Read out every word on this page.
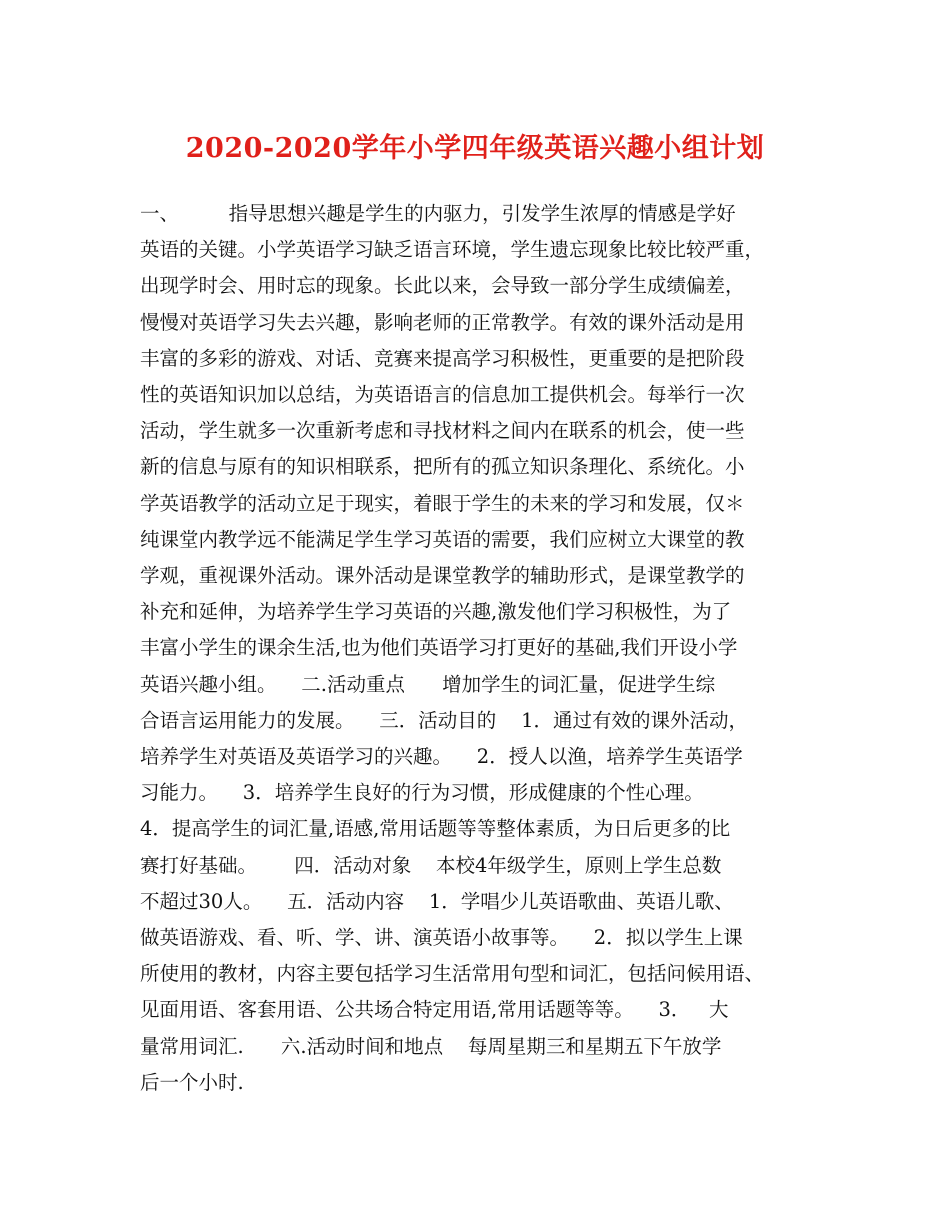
2020-2020学年小学四年级英语兴趣小组计划
一、        指导思想兴趣是学生的内驱力，引发学生浓厚的情感是学好
英语的关键。小学英语学习缺乏语言环境，学生遗忘现象比较比较严重，
出现学时会、用时忘的现象。长此以来，会导致一部分学生成绩偏差，
慢慢对英语学习失去兴趣，影响老师的正常教学。有效的课外活动是用
丰富的多彩的游戏、对话、竞赛来提高学习积极性，更重要的是把阶段
性的英语知识加以总结，为英语语言的信息加工提供机会。每举行一次
活动，学生就多一次重新考虑和寻找材料之间内在联系的机会，使一些
新的信息与原有的知识相联系，把所有的孤立知识条理化、系统化。小
学英语教学的活动立足于现实，着眼于学生的未来的学习和发展，仅＊
纯课堂内教学远不能满足学生学习英语的需要，我们应树立大课堂的教
学观，重视课外活动。课外活动是课堂教学的辅助形式，是课堂教学的
补充和延伸，为培养学生学习英语的兴趣,激发他们学习积极性，为了
丰富小学生的课余生活,也为他们英语学习打更好的基础,我们开设小学
英语兴趣小组。    二.活动重点      增加学生的词汇量，促进学生综
合语言运用能力的发展。    三．活动目的    1．通过有效的课外活动，
培养学生对英语及英语学习的兴趣。    2．授人以渔，培养学生英语学
习能力。    3．培养学生良好的行为习惯，形成健康的个性心理。
4．提高学生的词汇量,语感,常用话题等等整体素质，为日后更多的比
赛打好基础。      四．活动对象    本校4年级学生，原则上学生总数
不超过30人。    五．活动内容    1．学唱少儿英语歌曲、英语儿歌、
做英语游戏、看、听、学、讲、演英语小故事等。    2．拟以学生上课
所使用的教材，内容主要包括学习生活常用句型和词汇，包括问候用语、
见面用语、客套用语、公共场合特定用语,常用话题等等。    3．   大
量常用词汇.      六.活动时间和地点    每周星期三和星期五下午放学
后一个小时.
